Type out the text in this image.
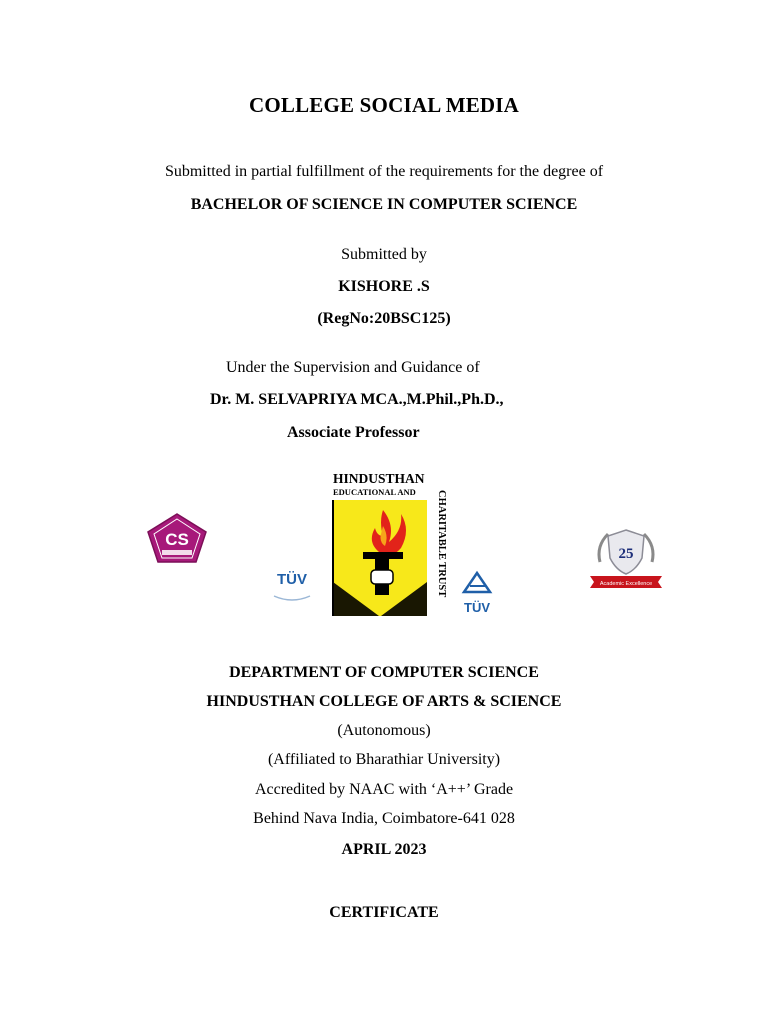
COLLEGE SOCIAL MEDIA
Submitted in partial fulfillment of the requirements for the degree of
BACHELOR OF SCIENCE IN COMPUTER SCIENCE
Submitted by
KISHORE .S
(RegNo:20BSC125)
Under the Supervision and Guidance of
Dr. M. SELVAPRIYA MCA.,M.Phil.,Ph.D.,
Associate Professor
CS
TÜV
HINDUSTHAN
EDUCATIONAL AND CHARITABLE TRUST
TÜV
25
Academic Excellence
DEPARTMENT OF COMPUTER SCIENCE
HINDUSTHAN COLLEGE OF ARTS & SCIENCE
(Autonomous)
(Affiliated to Bharathiar University)
Accredited by NAAC with ‘A++’ Grade
Behind Nava India, Coimbatore-641 028
APRIL 2023
CERTIFICATE
